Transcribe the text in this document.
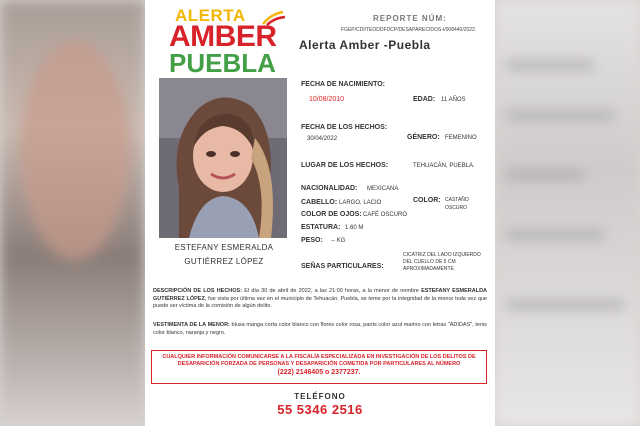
ALERTA
AMBER
PUEBLA
REPORTE NÚM:
FGEP/CDI/TEODDFDCP/DESAPARECIDOS-I/008440/2022.
Alerta Amber -Puebla
ESTEFANY ESMERALDA
GUTIÉRREZ LÓPEZ
FECHA DE NACIMIENTO:
10/08/2010	EDAD: 11 AÑOS
FECHA DE LOS HECHOS:
30/04/2022	GÉNERO: FEMENINO
LUGAR DE LOS HECHOS:	TEHUACÁN, PUEBLA.
NACIONALIDAD: MEXICANA
COLOR: CASTAÑO
OSCURO
CABELLO: LARGO, LACIO
COLOR DE OJOS: CAFÉ OSCURO
ESTATURA: 1.60 M
PESO: -- KG
SEÑAS PARTICULARES:
CICATRIZ DEL LADO IZQUIERDO DEL CUELLO DE 5 CM APROXIMADAMENTE.
DESCRIPCIÓN DE LOS HECHOS: El día 30 de abril de 2022, a las 21:00 horas, a la menor de nombre ESTEFANY ESMERALDA GUTIÉRREZ LÓPEZ, fue vista por última vez en el municipio de Tehuacán, Puebla, se teme por la integridad de la menor toda vez que puede ser víctima de la comisión de algún delito.
VESTIMENTA DE LA MENOR: blusa manga corta color blanco con flores color rosa, pants color azul marino con letras "ADIDAS", tenis color blanco, naranja y negro.
CUALQUIER INFORMACIÓN COMUNICARSE A LA FISCALÍA ESPECIALIZADA EN INVESTIGACIÓN DE LOS DELITOS DE DESAPARICIÓN FORZADA DE PERSONAS Y DESAPARICIÓN COMETIDA POR PARTICULARES AL NÚMERO
(222) 2146405 o 2377237.
TELÉFONO
55 5346 2516
